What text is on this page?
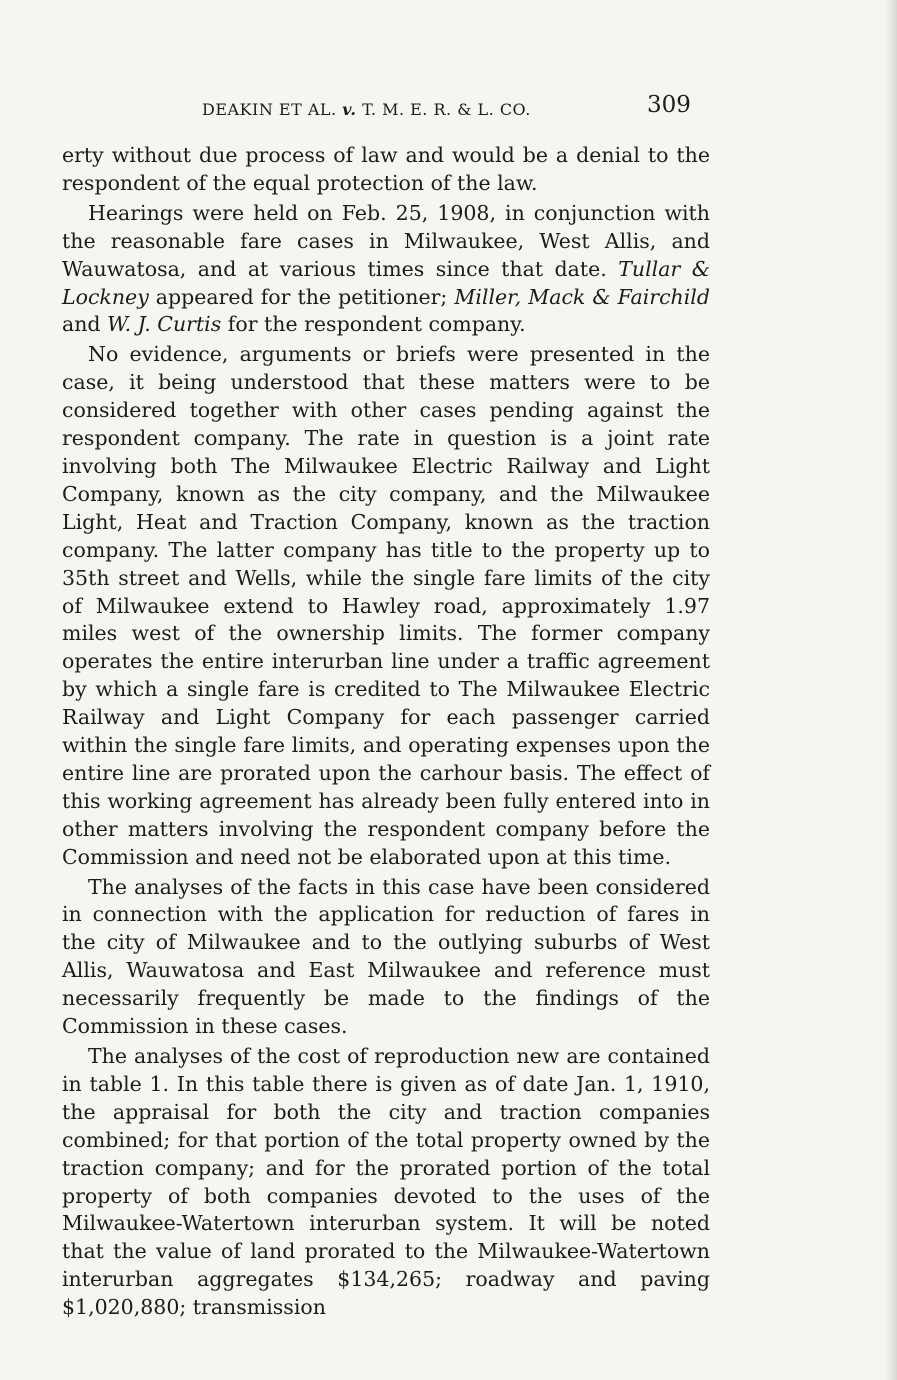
DEAKIN ET AL. v. T. M. E. R. & L. CO.	309

erty without due process of law and would be a denial to the respondent of the equal protection of the law.

Hearings were held on Feb. 25, 1908, in conjunction with the reasonable fare cases in Milwaukee, West Allis, and Wauwatosa, and at various times since that date. Tullar & Lockney appeared for the petitioner; Miller, Mack & Fairchild and W. J. Curtis for the respondent company.

No evidence, arguments or briefs were presented in the case, it being understood that these matters were to be considered together with other cases pending against the respondent company. The rate in question is a joint rate involving both The Milwaukee Electric Railway and Light Company, known as the city company, and the Milwaukee Light, Heat and Traction Company, known as the traction company. The latter company has title to the property up to 35th street and Wells, while the single fare limits of the city of Milwaukee extend to Hawley road, approximately 1.97 miles west of the ownership limits. The former company operates the entire interurban line under a traffic agreement by which a single fare is credited to The Milwaukee Electric Railway and Light Company for each passenger carried within the single fare limits, and operating expenses upon the entire line are prorated upon the carhour basis. The effect of this working agreement has already been fully entered into in other matters involving the respondent company before the Commission and need not be elaborated upon at this time.

The analyses of the facts in this case have been considered in connection with the application for reduction of fares in the city of Milwaukee and to the outlying suburbs of West Allis, Wauwatosa and East Milwaukee and reference must necessarily frequently be made to the findings of the Commission in these cases.

The analyses of the cost of reproduction new are contained in table 1. In this table there is given as of date Jan. 1, 1910, the appraisal for both the city and traction companies combined; for that portion of the total property owned by the traction company; and for the prorated portion of the total property of both companies devoted to the uses of the Milwaukee-Watertown interurban system. It will be noted that the value of land prorated to the Milwaukee-Watertown interurban aggregates $134,265; roadway and paving $1,020,880; transmission
